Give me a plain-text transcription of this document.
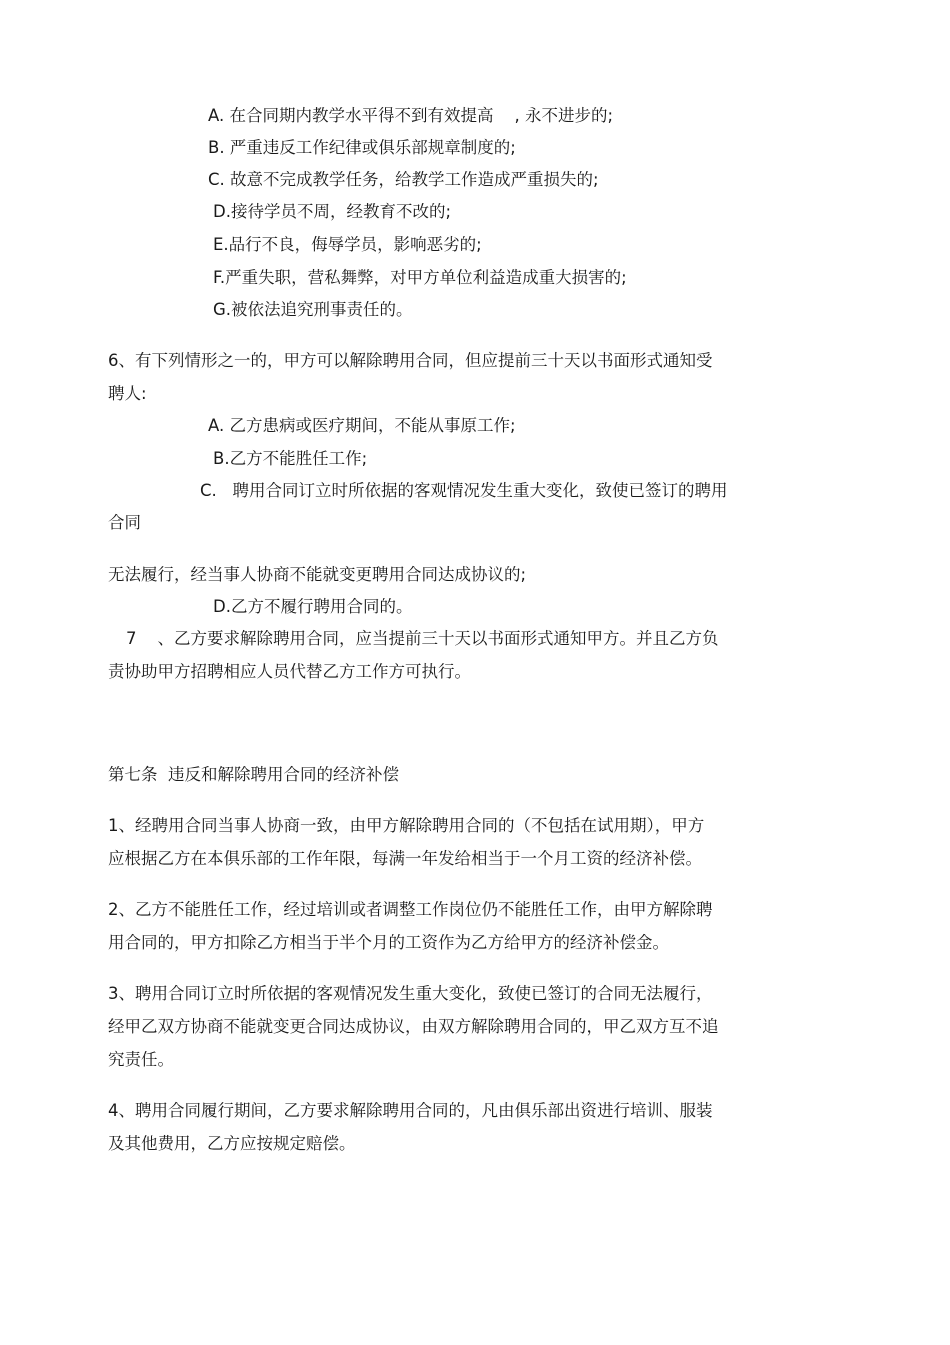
A. 在合同期内教学水平得不到有效提高    , 永不进步的;
B. 严重违反工作纪律或俱乐部规章制度的;
C. 故意不完成教学任务，给教学工作造成严重损失的;
D.接待学员不周，经教育不改的;
E.品行不良，侮辱学员，影响恶劣的;
F.严重失职，营私舞弊，对甲方单位利益造成重大损害的;
G.被依法追究刑事责任的。
6、有下列情形之一的，甲方可以解除聘用合同，但应提前三十天以书面形式通知受
聘人:
A. 乙方患病或医疗期间，不能从事原工作;
B.乙方不能胜任工作;
C.   聘用合同订立时所依据的客观情况发生重大变化，致使已签订的聘用
合同
无法履行，经当事人协商不能就变更聘用合同达成协议的;
D.乙方不履行聘用合同的。
7    、乙方要求解除聘用合同，应当提前三十天以书面形式通知甲方。并且乙方负
责协助甲方招聘相应人员代替乙方工作方可执行。
第七条  违反和解除聘用合同的经济补偿
1、经聘用合同当事人协商一致，由甲方解除聘用合同的（不包括在试用期），甲方
应根据乙方在本俱乐部的工作年限，每满一年发给相当于一个月工资的经济补偿。
2、乙方不能胜任工作，经过培训或者调整工作岗位仍不能胜任工作，由甲方解除聘
用合同的，甲方扣除乙方相当于半个月的工资作为乙方给甲方的经济补偿金。
3、聘用合同订立时所依据的客观情况发生重大变化，致使已签订的合同无法履行，
经甲乙双方协商不能就变更合同达成协议，由双方解除聘用合同的，甲乙双方互不追
究责任。
4、聘用合同履行期间，乙方要求解除聘用合同的，凡由俱乐部出资进行培训、服装
及其他费用，乙方应按规定赔偿。
